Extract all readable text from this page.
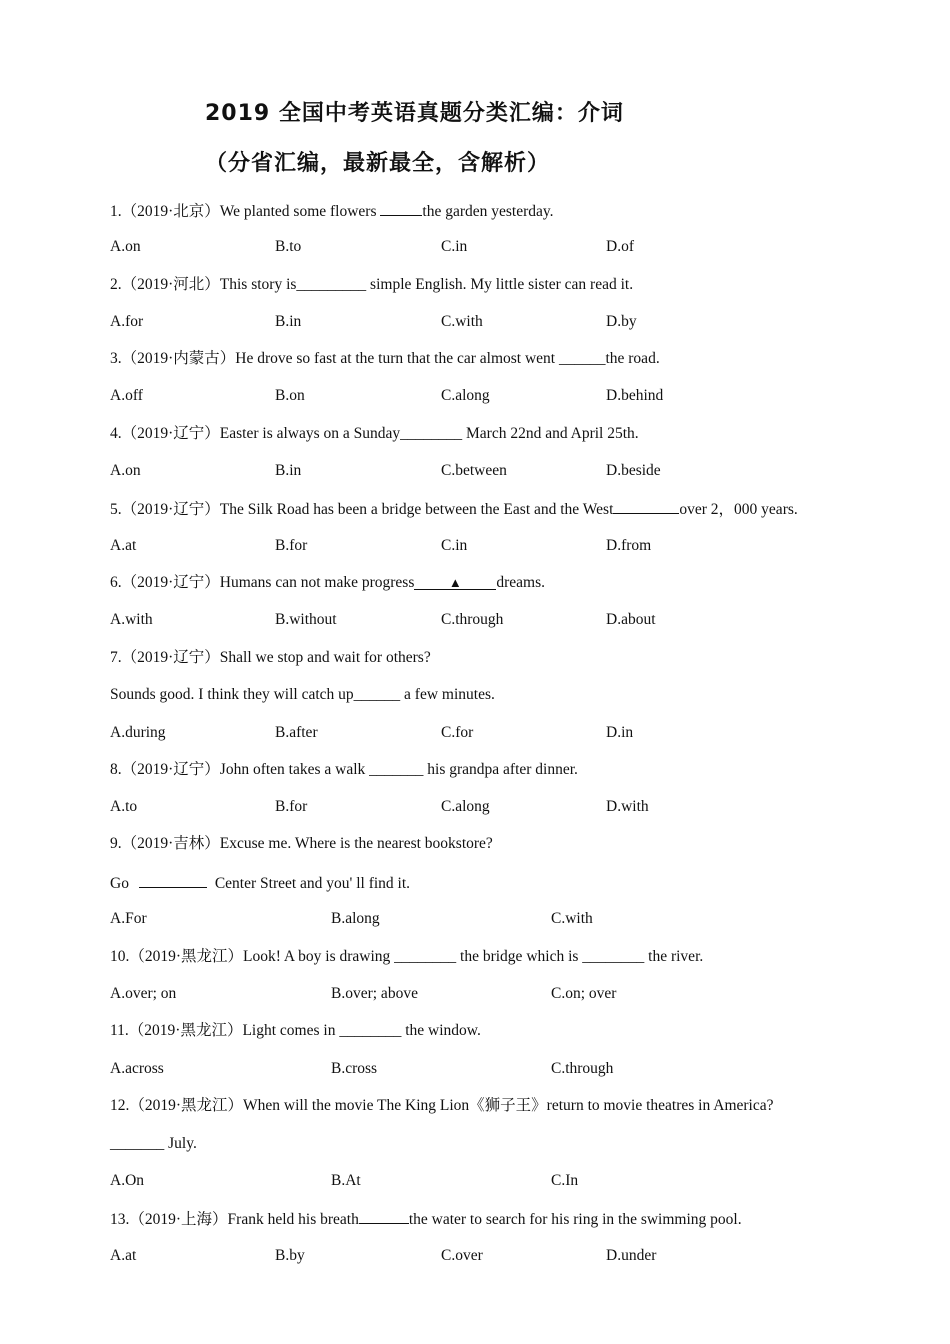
2019 全国中考英语真题分类汇编：介词
（分省汇编，最新最全，含解析）
1.（2019·北京）We planted some flowers	the garden yesterday.
A.on	B.to	C.in	D.of
2.（2019·河北）This story is_________ simple English. My little sister can read it.
A.for	B.in	C.with	D.by
3.（2019·内蒙古）He drove so fast at the turn that the car almost went ______the road.
A.off	B.on	C.along	D.behind
4.（2019·辽宁）Easter is always on a Sunday________ March 22nd and April 25th.
A.on	B.in	C.between	D.beside
5.（2019·辽宁）The Silk Road has been a bridge between the East and the West	over 2，000 years.
A.at	B.for	C.in	D.from
6.（2019·辽宁）Humans can not make progress	▲ dreams.
A.with	B.without	C.through	D.about
7.（2019·辽宁）Shall we stop and wait for others?
Sounds good. I think they will catch up______ a few minutes.
A.during	B.after	C.for	D.in
8.（2019·辽宁）John often takes a walk _______ his grandpa after dinner.
A.to	B.for	C.along	D.with
9.（2019·吉林）Excuse me. Where is the nearest bookstore?
Go	Center Street and you' ll find it.
A.For	B.along	C.with
10.（2019·黑龙江）Look! A boy is drawing ________ the bridge which is ________ the river.
A.over; on	B.over; above	C.on; over
11.（2019·黑龙江）Light comes in ________ the window.
A.across	B.cross	C.through
12.（2019·黑龙江）When will the movie The King Lion《狮子王》return to movie theatres in America?
_______ July.
A.On	B.At	C.In
13.（2019·上海）Frank held his breath	the water to search for his ring in the swimming pool.
A.at	B.by	C.over	D.under
